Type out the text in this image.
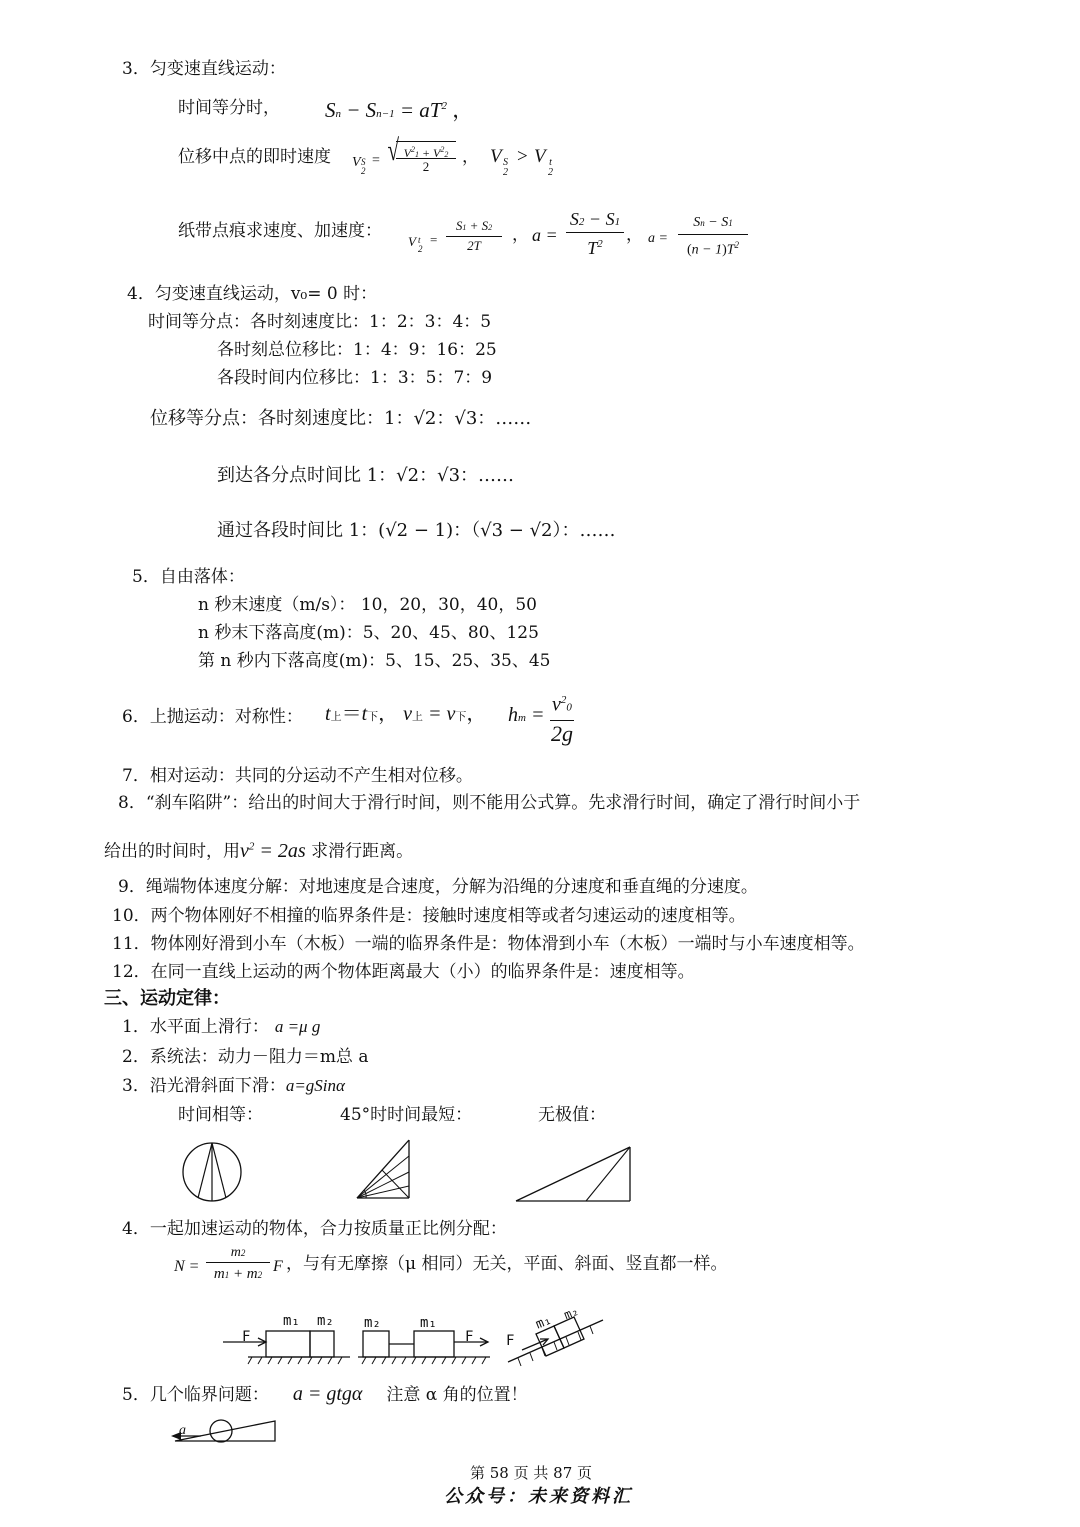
3．匀变速直线运动：
时间等分时， $Sn - Sn-1 = aT^2$ ，
位移中点的即时速度 V S
2
= √ $V^21 + V^22$
2
， V S
2
> V t
2
纸带点痕求速度、加速度：
V t
2
=
S1 + S2
2T
， a =
S2 − S1
$T^2$	， a =
Sn − S1
$(n - 1)T^2$
4．匀变速直线运动，v₀= 0 时：
时间等分点：各时刻速度比：1：2：3：4：5
各时刻总位移比：1：4：9：16：25
各段时间内位移比：1：3：5：7：9
位移等分点：各时刻速度比：1：√2：√3：……
到达各分点时间比 1：√2：√3：……
通过各段时间比 1：(√2 − 1)：（√3 − √2）：……
5．自由落体：
n 秒末速度（m/s）： 10，20，30，40，50
n 秒末下落高度(m)：5、20、45、80、125
第 n 秒内下落高度(m)：5、15、25、35、45
6．上抛运动：对称性： t上＝t下， v上 = v下， hm = $v^20$
2g
7．相对运动：共同的分运动不产生相对位移。
8．“刹车陷阱”：给出的时间大于滑行时间，则不能用公式算。先求滑行时间，确定了滑行时间小于
给出的时间时，用$v^2 = 2as$ 求滑行距离。
9．绳端物体速度分解：对地速度是合速度，分解为沿绳的分速度和垂直绳的分速度。
10．两个物体刚好不相撞的临界条件是：接触时速度相等或者匀速运动的速度相等。
11．物体刚好滑到小车（木板）一端的临界条件是：物体滑到小车（木板）一端时与小车速度相等。
12．在同一直线上运动的两个物体距离最大（小）的临界条件是：速度相等。
三、运动定律：
1．水平面上滑行： a =μ g
2．系统法：动力－阻力＝m总 a
3．沿光滑斜面下滑：a=gSinα
时间相等：	45°时时间最短：	无极值：
4．一起加速运动的物体，合力按质量正比例分配：
N =
m2
m1 + m2 F ，与有无摩擦（μ 相同）无关，平面、斜面、竖直都一样。
F
m₁ m₂ m₂	m₁
F F
m₁ m₂
5．几个临界问题： a = gtgα 注意 α 角的位置！
a
第 58 页 共 87 页
公众号：未来资料汇
